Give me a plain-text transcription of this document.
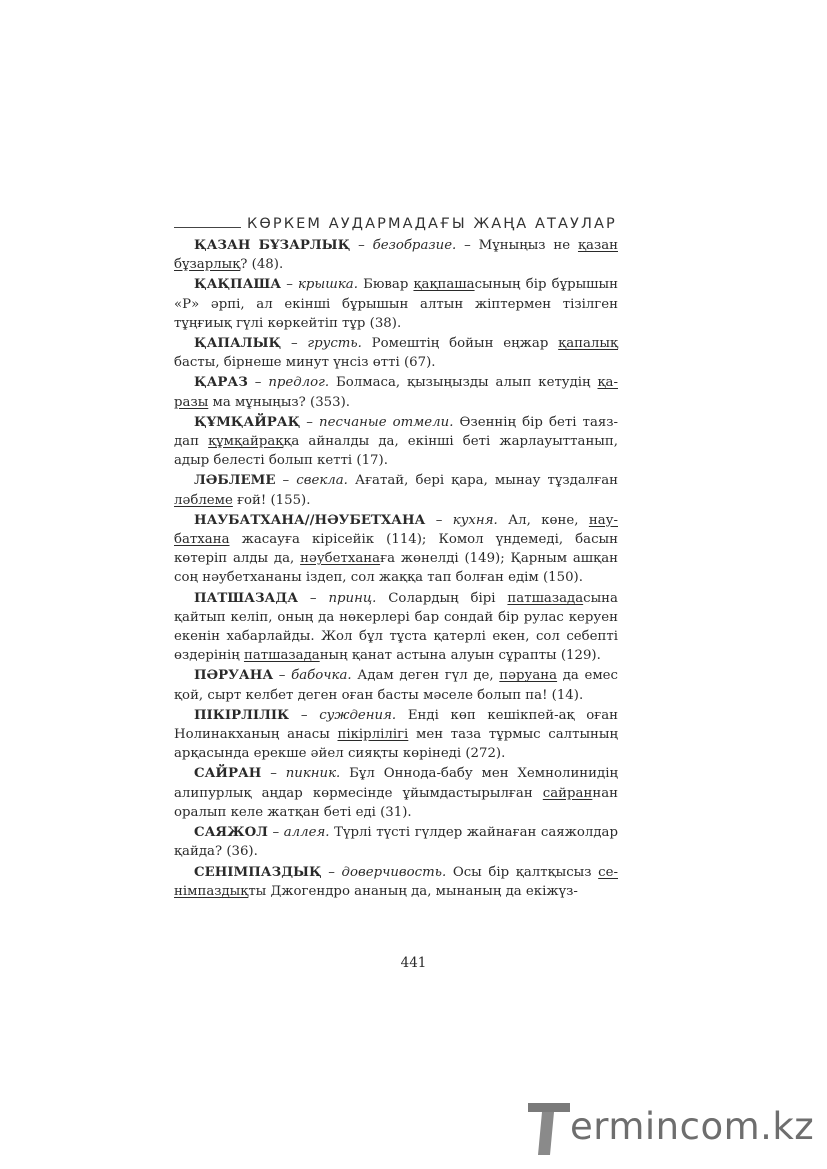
КӨРКЕМ АУДАРМАДАҒЫ ЖАҢА АТАУЛАР

ҚАЗАН БҰЗАРЛЫҚ – безобразие. – Мұныңыз не қазан бұзарлық? (48).

ҚАҚПАША – крышка. Бювар қақпашасының бір бұрышын «Р» әрпі, ал екінші бұрышын алтын жіптермен тізілген тұңғиық гүлі көркейтіп тұр (38).

ҚАПАЛЫҚ – грусть. Ромештің бойын еңжар қапалық басты, бірнеше минут үнсіз өтті (67).

ҚАРАЗ – предлог. Болмаса, қызыңызды алып кетудің қаразы ма мұныңыз? (353).

ҚҰМҚАЙРАҚ – песчаные отмели. Өзеннің бір беті таяздап құмқайраққа айналды да, екінші беті жарлауыттанып, адыр белесті болып кетті (17).

ЛӘБЛЕМЕ – свекла. Ағатай, бері қара, мынау тұздалған ләблеме ғой! (155).

НАУБАТХАНА//НӘУБЕТХАНА – кухня. Ал, көне, наубатхана жасауға кірісейік (114); Комол үндемеді, басын көтеріп алды да, нәубетханаға жөнелді (149); Қарным ашқан соң нәубетхананы іздеп, сол жаққа тап болған едім (150).

ПАТШАЗАДА – принц. Солардың бірі патшазадасына қайтып келіп, оның да нөкерлері бар сондай бір рулас керуен екенін хабарлайды. Жол бұл тұста қатерлі екен, сол себепті өздерінің патшазаданың қанат астына алуын сұрапты (129).

ПӘРУАНА – бабочка. Адам деген гүл де, пәруана да емес қой, сырт келбет деген оған басты мәселе болып па! (14).

ПІКІРЛІЛІК – суждения. Енді көп кешікпей-ақ оған Нолинакханың анасы пікірлілігі мен таза тұрмыс салтының арқасында ерекше әйел сияқты көрінеді (272).

САЙРАН – пикник. Бұл Оннода-бабу мен Хемнолинидің алипурлық аңдар көрмесінде ұйымдастырылған сайраннан оралып келе жатқан беті еді (31).

САЯЖОЛ – аллея. Түрлі түсті гүлдер жайнаған саяжолдар қайда? (36).

СЕНІМПАЗДЫҚ – доверчивость. Осы бір қалтқысыз сенімпаздықты Джогендро ананың да, мынаның да екіжүз-

441
ermincom.kz
